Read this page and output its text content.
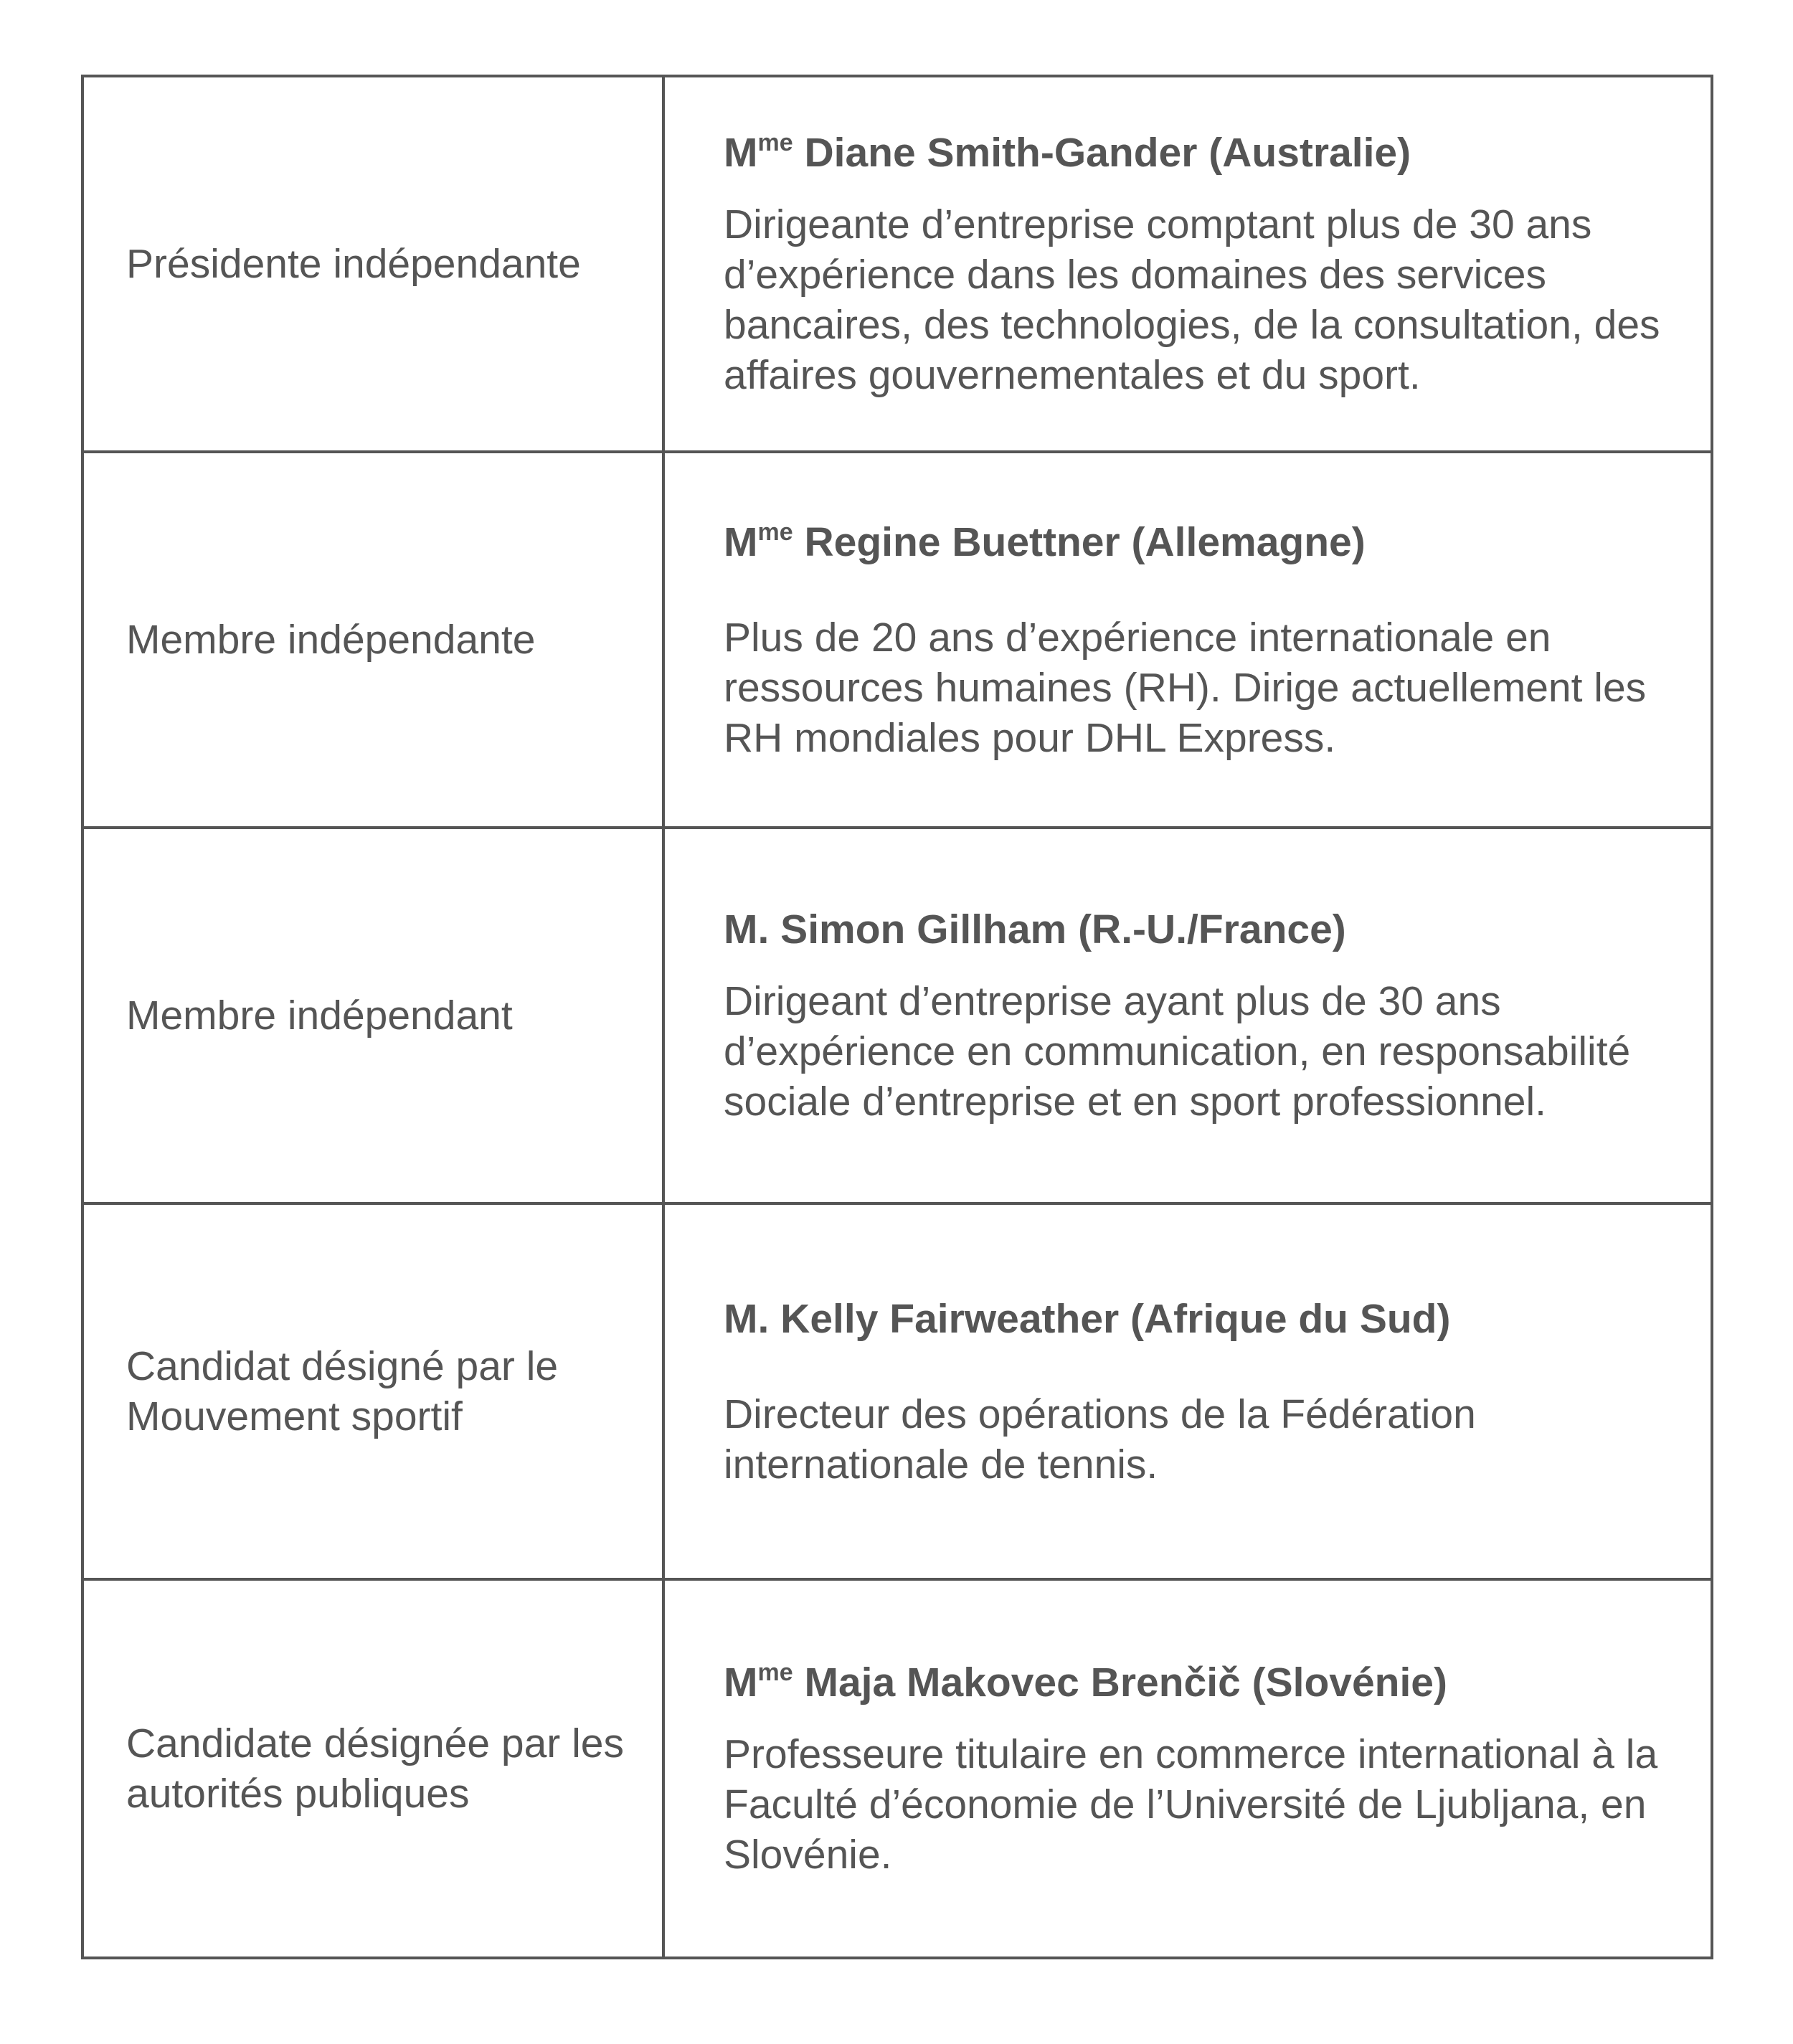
Présidente indépendante
$M^{me}$ Diane Smith-Gander (Australie)

Dirigeante d’entreprise comptant plus de 30 ans d’expérience dans les domaines des services bancaires, des technologies, de la consultation, des affaires gouvernementales et du sport.

Membre indépendante
$M^{me}$ Regine Buettner (Allemagne)

Plus de 20 ans d’expérience internationale en ressources humaines (RH). Dirige actuellement les RH mondiales pour DHL Express.

Membre indépendant
M. Simon Gillham (R.-U./France)

Dirigeant d’entreprise ayant plus de 30 ans d’expérience en communication, en responsabilité sociale d’entreprise et en sport professionnel.

Candidat désigné par le Mouvement sportif
M. Kelly Fairweather (Afrique du Sud)

Directeur des opérations de la Fédération internationale de tennis.

Candidate désignée par les autorités publiques
$M^{me}$ Maja Makovec Brenčič (Slovénie)

Professeure titulaire en commerce international à la Faculté d’économie de l’Université de Ljubljana, en Slovénie.
